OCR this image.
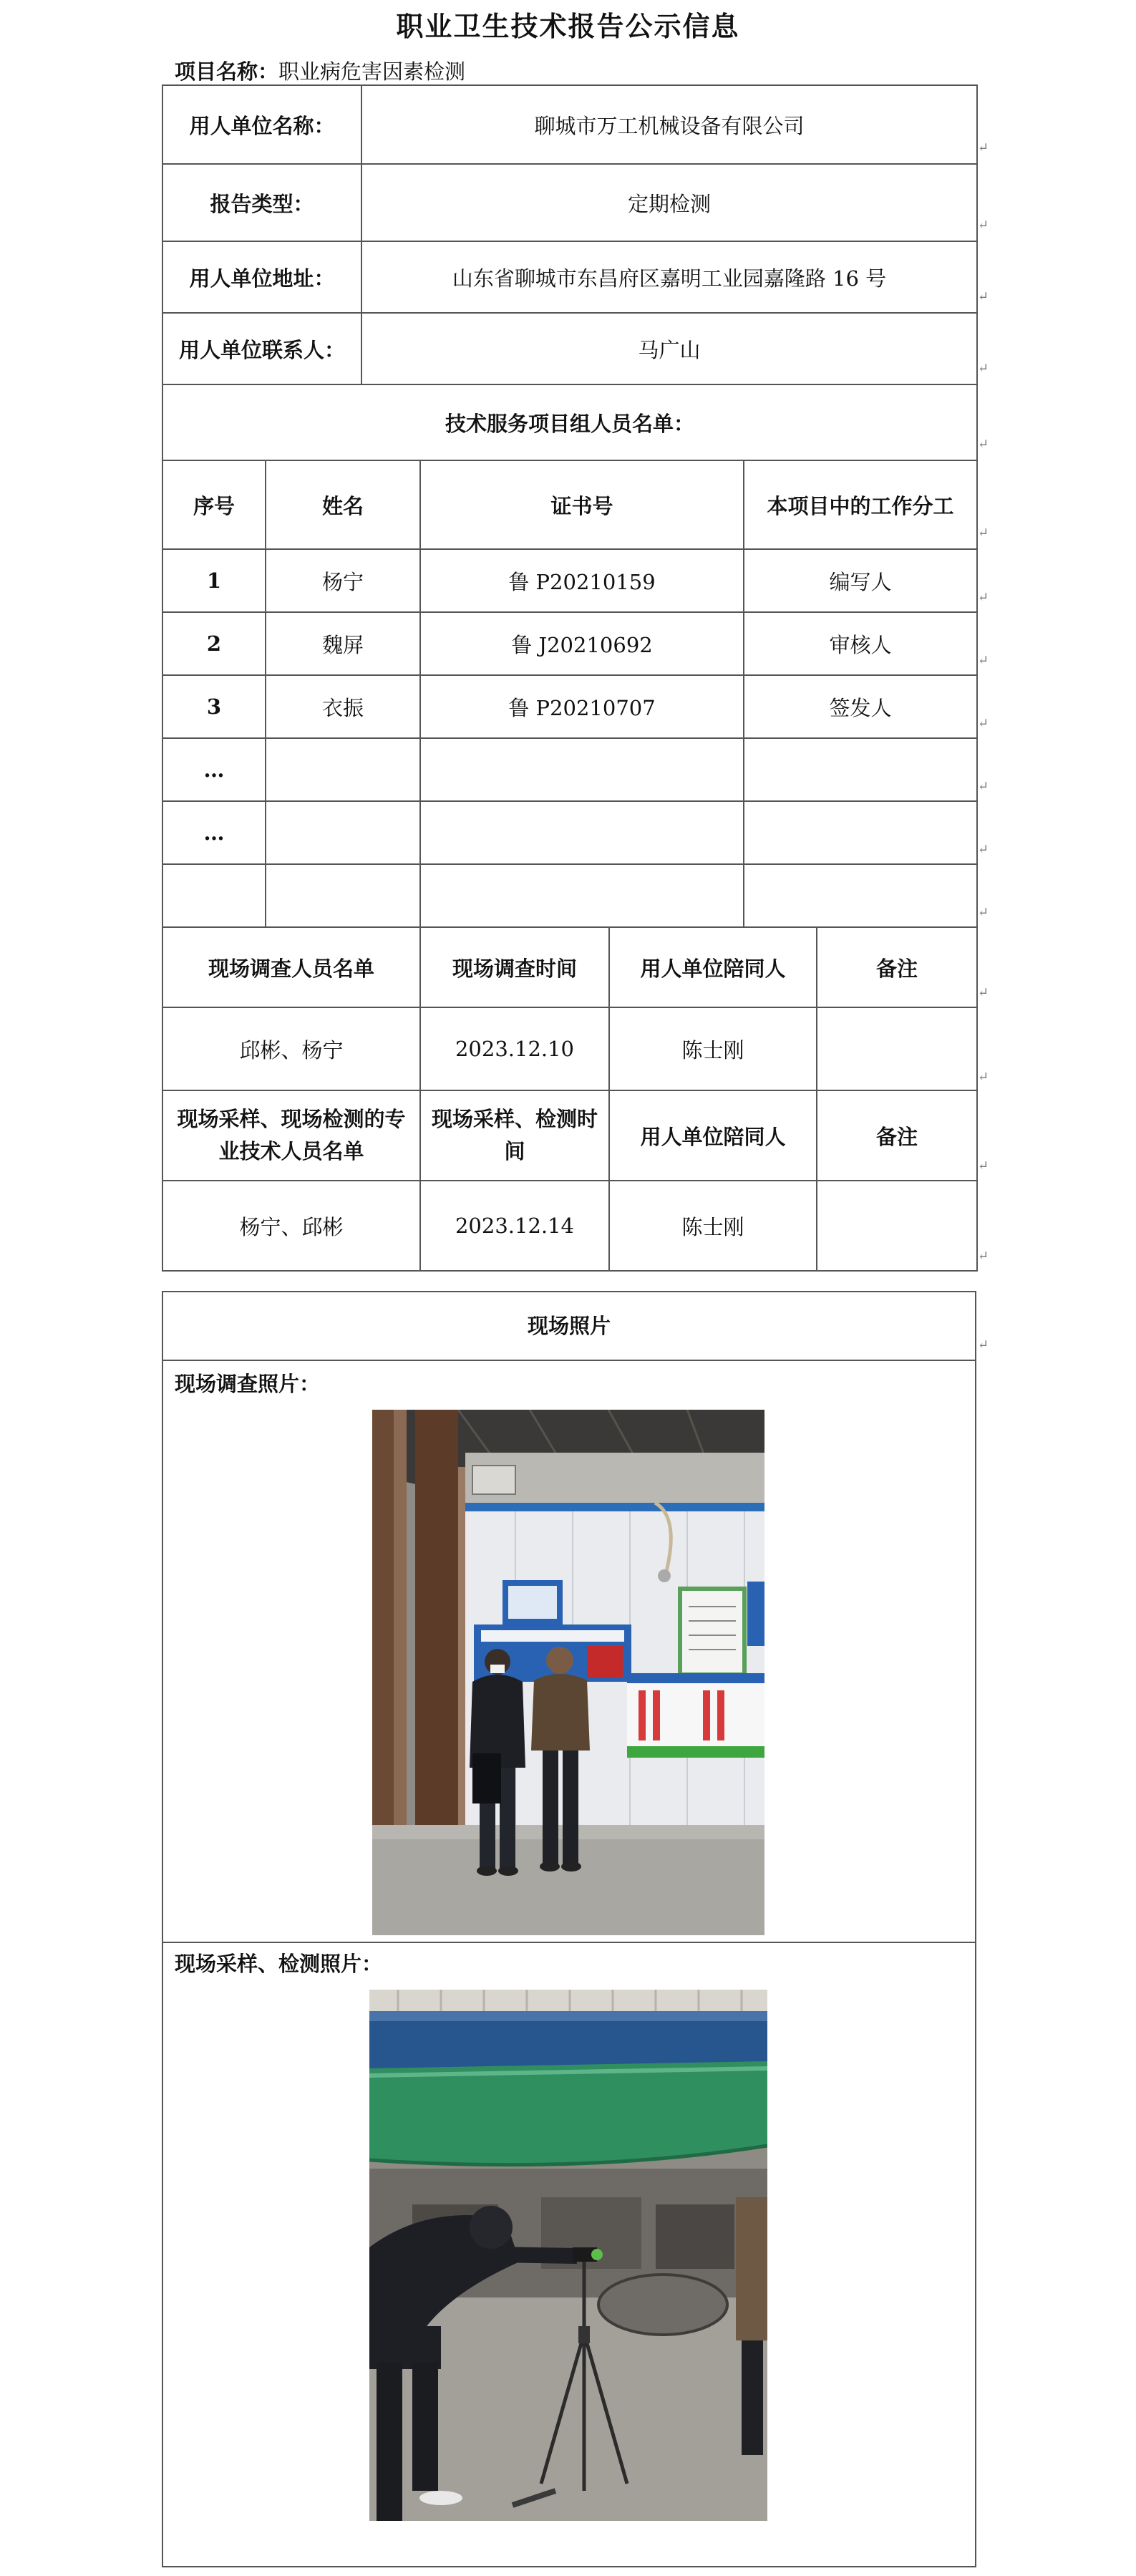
职业卫生技术报告公示信息
项目名称：职业病危害因素检测
用人单位名称：	聊城市万工机械设备有限公司
报告类型：	定期检测
用人单位地址：	山东省聊城市东昌府区嘉明工业园嘉隆路 16 号
用人单位联系人：	马广山
技术服务项目组人员名单：	
序号	姓名	证书号	本项目中的工作分工
1	杨宁	鲁 P20210159	编写人
2	魏屏	鲁 J20210692	审核人
3	衣振	鲁 P20210707	签发人
…			
…			

现场调查人员名单	现场调查时间	用人单位陪同人	备注
邱彬、杨宁	2023.12.10	陈士刚	
现场采样、现场检测的专业技术人员名单	现场采样、检测时间	用人单位陪同人	备注
杨宁、邱彬	2023.12.14	陈士刚	
↵
↵
↵
↵
↵
↵
↵
↵
↵
↵
↵
↵
↵
↵
↵
↵
↵
现场照片
现场调查照片：
现场采样、检测照片：
